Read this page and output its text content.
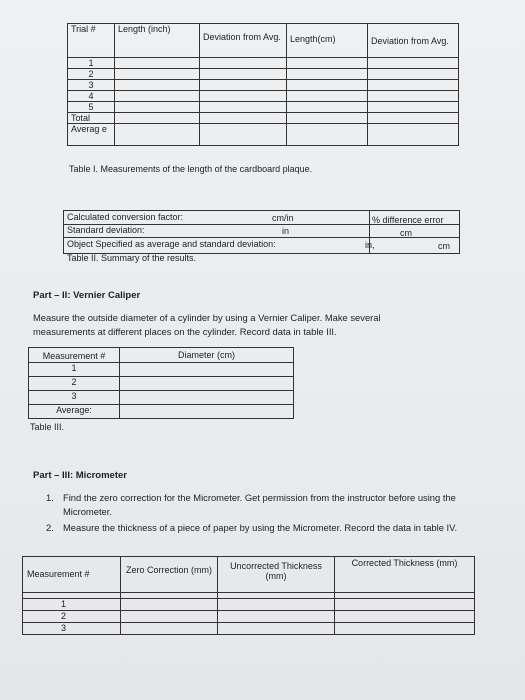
Trial #	Length (inch)	Deviation from Avg.	Length(cm)	Deviation from Avg.
1				
2				
3				
4				
5				
Total				
Averag e				
Table I. Measurements of the length of the cardboard plaque.
Calculated conversion factor:	cm/in	% difference error
Standard deviation:	in	cm
Object Specified as average and standard deviation:	in,	cm
Table II. Summary of the results.
Part – II: Vernier Caliper
Measure the outside diameter of a cylinder by using a Vernier Caliper. Make several measurements at different places on the cylinder. Record data in table III.
Measurement #	Diameter (cm)
1	
2	
3	
Average:	
Table III.
Part – III: Micrometer
1. Find the zero correction for the Micrometer. Get permission from the instructor before using the Micrometer.
2. Measure the thickness of a piece of paper by using the Micrometer. Record the data in table IV.
Measurement #	Zero Correction (mm)	Uncorrected Thickness (mm)	Corrected Thickness (mm)

1			
2			
3			
